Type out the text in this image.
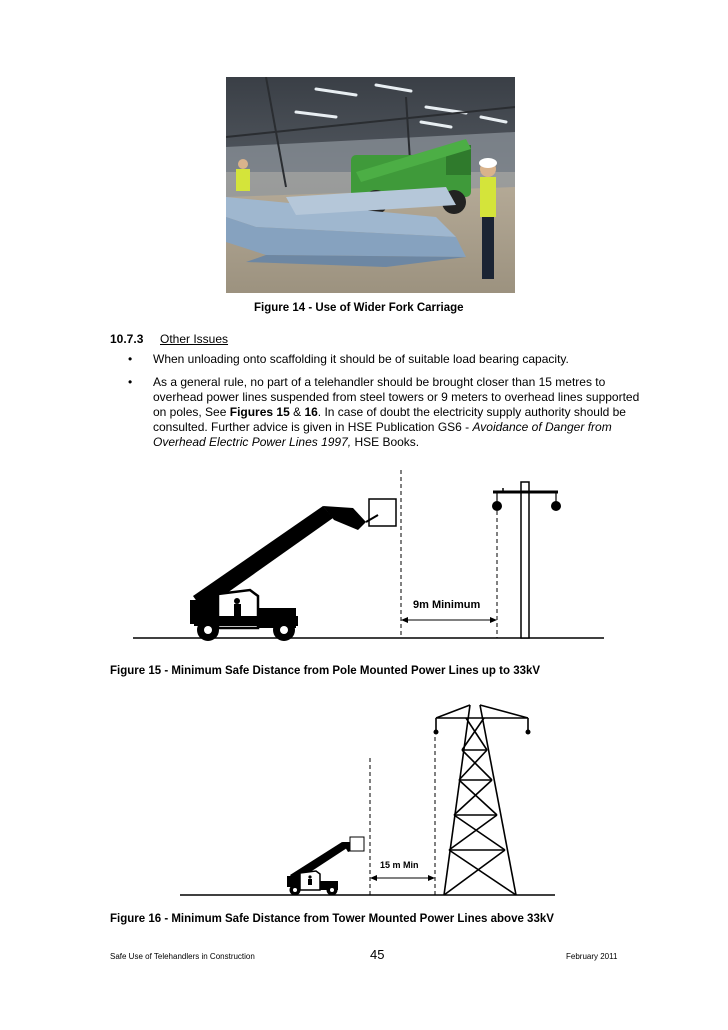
Figure 14 - Use of Wider Fork Carriage
10.7.3 Other Issues
• When unloading onto scaffolding it should be of suitable load bearing capacity.
• As a general rule, no part of a telehandler should be brought closer than 15 metres to overhead power lines suspended from steel towers or 9 meters to overhead lines supported on poles, See Figures 15 & 16. In case of doubt the electricity supply authority should be consulted. Further advice is given in HSE Publication GS6 - Avoidance of Danger from Overhead Electric Power Lines 1997, HSE Books.
9m Minimum
Figure 15 - Minimum Safe Distance from Pole Mounted Power Lines up to 33kV
15 m Min
Figure 16 - Minimum Safe Distance from Tower Mounted Power Lines above 33kV
Safe Use of Telehandlers in Construction	45	February 2011
